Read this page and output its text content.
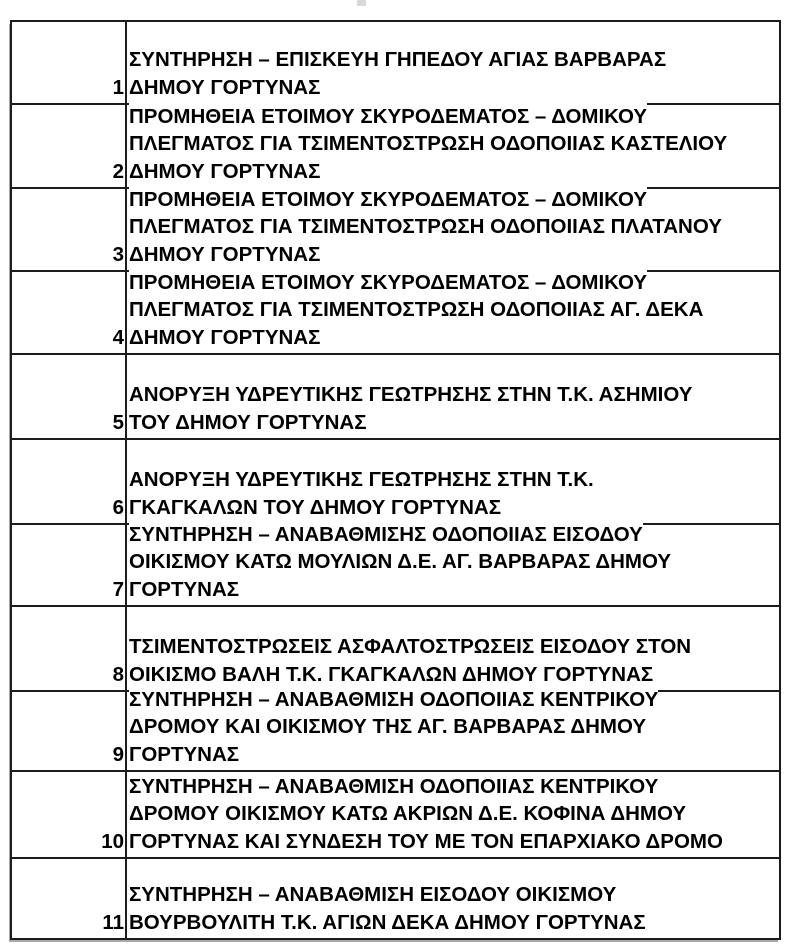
1
ΣΥΝΤΗΡΗΣΗ – ΕΠΙΣΚΕΥΗ ΓΗΠΕΔΟΥ ΑΓΙΑΣ ΒΑΡΒΑΡΑΣ
ΔΗΜΟΥ ΓΟΡΤΥΝΑΣ
2
ΠΡΟΜΗΘΕΙΑ ΕΤΟΙΜΟΥ ΣΚΥΡΟΔΕΜΑΤΟΣ – ΔΟΜΙΚΟΥ
ΠΛΕΓΜΑΤΟΣ ΓΙΑ ΤΣΙΜΕΝΤΟΣΤΡΩΣΗ ΟΔΟΠΟΙΙΑΣ ΚΑΣΤΕΛΙΟΥ
ΔΗΜΟΥ ΓΟΡΤΥΝΑΣ
3
ΠΡΟΜΗΘΕΙΑ ΕΤΟΙΜΟΥ ΣΚΥΡΟΔΕΜΑΤΟΣ – ΔΟΜΙΚΟΥ
ΠΛΕΓΜΑΤΟΣ ΓΙΑ ΤΣΙΜΕΝΤΟΣΤΡΩΣΗ ΟΔΟΠΟΙΙΑΣ ΠΛΑΤΑΝΟΥ
ΔΗΜΟΥ ΓΟΡΤΥΝΑΣ
4
ΠΡΟΜΗΘΕΙΑ ΕΤΟΙΜΟΥ ΣΚΥΡΟΔΕΜΑΤΟΣ – ΔΟΜΙΚΟΥ
ΠΛΕΓΜΑΤΟΣ ΓΙΑ ΤΣΙΜΕΝΤΟΣΤΡΩΣΗ ΟΔΟΠΟΙΙΑΣ ΑΓ. ΔΕΚΑ
ΔΗΜΟΥ ΓΟΡΤΥΝΑΣ
5
ΑΝΟΡΥΞΗ ΥΔΡΕΥΤΙΚΗΣ ΓΕΩΤΡΗΣΗΣ ΣΤΗΝ Τ.Κ. ΑΣΗΜΙΟΥ
ΤΟΥ ΔΗΜΟΥ ΓΟΡΤΥΝΑΣ
6
ΑΝΟΡΥΞΗ ΥΔΡΕΥΤΙΚΗΣ ΓΕΩΤΡΗΣΗΣ ΣΤΗΝ Τ.Κ.
ΓΚΑΓΚΑΛΩΝ ΤΟΥ ΔΗΜΟΥ ΓΟΡΤΥΝΑΣ
7
ΣΥΝΤΗΡΗΣΗ – ΑΝΑΒΑΘΜΙΣΗΣ ΟΔΟΠΟΙΙΑΣ ΕΙΣΟΔΟΥ
ΟΙΚΙΣΜΟΥ ΚΑΤΩ ΜΟΥΛΙΩΝ Δ.Ε. ΑΓ. ΒΑΡΒΑΡΑΣ ΔΗΜΟΥ
ΓΟΡΤΥΝΑΣ
8
ΤΣΙΜΕΝΤΟΣΤΡΩΣΕΙΣ ΑΣΦΑΛΤΟΣΤΡΩΣΕΙΣ ΕΙΣΟΔΟΥ ΣΤΟΝ
ΟΙΚΙΣΜΟ ΒΑΛΗ Τ.Κ. ΓΚΑΓΚΑΛΩΝ ΔΗΜΟΥ ΓΟΡΤΥΝΑΣ
9
ΣΥΝΤΗΡΗΣΗ – ΑΝΑΒΑΘΜΙΣΗ ΟΔΟΠΟΙΙΑΣ ΚΕΝΤΡΙΚΟΥ
ΔΡΟΜΟΥ ΚΑΙ ΟΙΚΙΣΜΟΥ ΤΗΣ ΑΓ. ΒΑΡΒΑΡΑΣ ΔΗΜΟΥ
ΓΟΡΤΥΝΑΣ
10
ΣΥΝΤΗΡΗΣΗ – ΑΝΑΒΑΘΜΙΣΗ ΟΔΟΠΟΙΙΑΣ ΚΕΝΤΡΙΚΟΥ
ΔΡΟΜΟΥ ΟΙΚΙΣΜΟΥ ΚΑΤΩ ΑΚΡΙΩΝ Δ.Ε. ΚΟΦΙΝΑ ΔΗΜΟΥ
ΓΟΡΤΥΝΑΣ ΚΑΙ ΣΥΝΔΕΣΗ ΤΟΥ ΜΕ ΤΟΝ ΕΠΑΡΧΙΑΚΟ ΔΡΟΜΟ
11
ΣΥΝΤΗΡΗΣΗ – ΑΝΑΒΑΘΜΙΣΗ ΕΙΣΟΔΟΥ ΟΙΚΙΣΜΟΥ
ΒΟΥΡΒΟΥΛΙΤΗ Τ.Κ. ΑΓΙΩΝ ΔΕΚΑ ΔΗΜΟΥ ΓΟΡΤΥΝΑΣ
